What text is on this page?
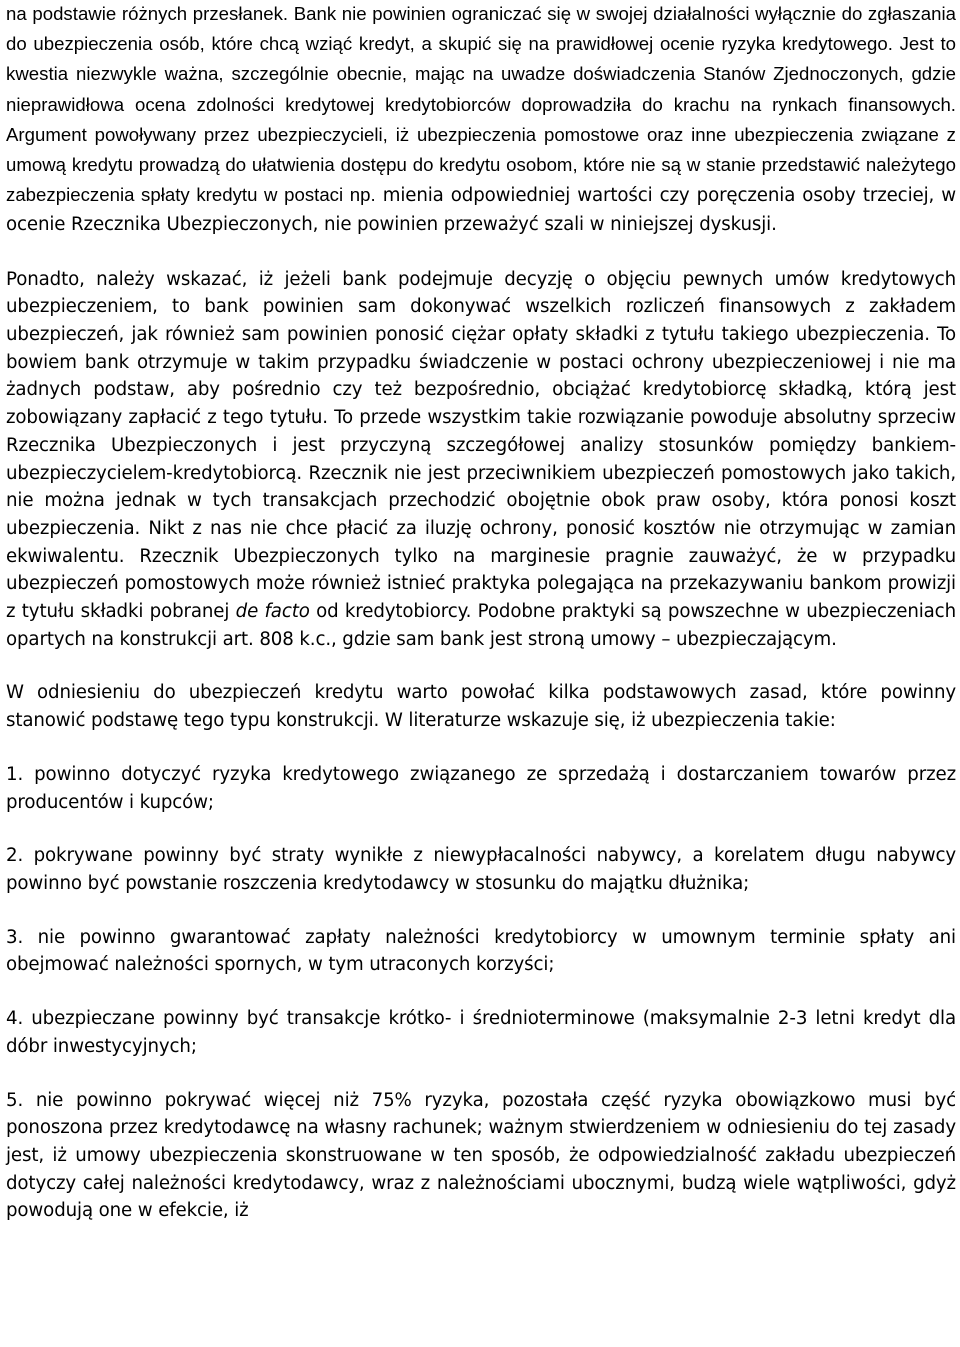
na podstawie różnych przesłanek. Bank nie powinien ograniczać się w swojej działalności wyłącznie do zgłaszania do ubezpieczenia osób, które chcą wziąć kredyt, a skupić się na prawidłowej ocenie ryzyka kredytowego. Jest to kwestia niezwykle ważna, szczególnie obecnie, mając na uwadze doświadczenia Stanów Zjednoczonych, gdzie nieprawidłowa ocena zdolności kredytowej kredytobiorców doprowadziła do krachu na rynkach finansowych. Argument powoływany przez ubezpieczycieli, iż ubezpieczenia pomostowe oraz inne ubezpieczenia związane z umową kredytu prowadzą do ułatwienia dostępu do kredytu osobom, które nie są w stanie przedstawić należytego zabezpieczenia spłaty kredytu w postaci np. mienia odpowiedniej wartości czy poręczenia osoby trzeciej, w ocenie Rzecznika Ubezpieczonych, nie powinien przeważyć szali w niniejszej dyskusji.

Ponadto, należy wskazać, iż jeżeli bank podejmuje decyzję o objęciu pewnych umów kredytowych ubezpieczeniem, to bank powinien sam dokonywać wszelkich rozliczeń finansowych z zakładem ubezpieczeń, jak również sam powinien ponosić ciężar opłaty składki z tytułu takiego ubezpieczenia. To bowiem bank otrzymuje w takim przypadku świadczenie w postaci ochrony ubezpieczeniowej i nie ma żadnych podstaw, aby pośrednio czy też bezpośrednio, obciążać kredytobiorcę składką, którą jest zobowiązany zapłacić z tego tytułu. To przede wszystkim takie rozwiązanie powoduje absolutny sprzeciw Rzecznika Ubezpieczonych i jest przyczyną szczegółowej analizy stosunków pomiędzy bankiem-ubezpieczycielem-kredytobiorcą. Rzecznik nie jest przeciwnikiem ubezpieczeń pomostowych jako takich, nie można jednak w tych transakcjach przechodzić obojętnie obok praw osoby, która ponosi koszt ubezpieczenia. Nikt z nas nie chce płacić za iluzję ochrony, ponosić kosztów nie otrzymując w zamian ekwiwalentu. Rzecznik Ubezpieczonych tylko na marginesie pragnie zauważyć, że w przypadku ubezpieczeń pomostowych może również istnieć praktyka polegająca na przekazywaniu bankom prowizji z tytułu składki pobranej de facto od kredytobiorcy. Podobne praktyki są powszechne w ubezpieczeniach opartych na konstrukcji art. 808 k.c., gdzie sam bank jest stroną umowy – ubezpieczającym.

W odniesieniu do ubezpieczeń kredytu warto powołać kilka podstawowych zasad, które powinny stanowić podstawę tego typu konstrukcji. W literaturze wskazuje się, iż ubezpieczenia takie:

1. powinno dotyczyć ryzyka kredytowego związanego ze sprzedażą i dostarczaniem towarów przez producentów i kupców;

2. pokrywane powinny być straty wynikłe z niewypłacalności nabywcy, a korelatem długu nabywcy powinno być powstanie roszczenia kredytodawcy w stosunku do majątku dłużnika;

3. nie powinno gwarantować zapłaty należności kredytobiorcy w umownym terminie spłaty ani obejmować należności spornych, w tym utraconych korzyści;

4. ubezpieczane powinny być transakcje krótko- i średnioterminowe (maksymalnie 2-3 letni kredyt dla dóbr inwestycyjnych;

5. nie powinno pokrywać więcej niż 75% ryzyka, pozostała część ryzyka obowiązkowo musi być ponoszona przez kredytodawcę na własny rachunek; ważnym stwierdzeniem w odniesieniu do tej zasady jest, iż umowy ubezpieczenia skonstruowane w ten sposób, że odpowiedzialność zakładu ubezpieczeń dotyczy całej należności kredytodawcy, wraz z należnościami ubocznymi, budzą wiele wątpliwości, gdyż powodują one w efekcie, iż
